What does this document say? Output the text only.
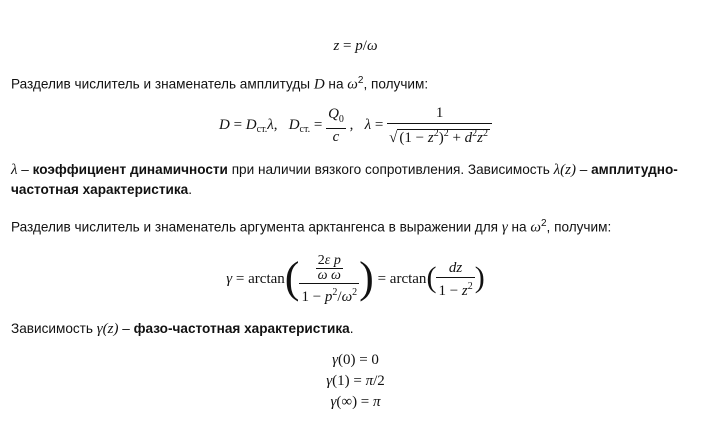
z = p/ω
Разделив числитель и знаменатель амплитуды D на $\omega^2$, получим:
$D = D_{ст.}\lambda$,   $D_{ст.} = \frac{Q_0}{c}$ ,   $\lambda = \frac{1}{√ (1 - z^2)^2 + d^2z^2}$
λ – коэффициент динамичности при наличии вязкого сопротивления. Зависимость λ(z) – амплитудно-частотная характеристика.
Разделив числитель и знаменатель аргумента арктангенса в выражении для γ на $\omega^2$, получим:
$\gamma = \arctan( \frac{\frac{\text{2ε p}}{\text{ω ω}}}{1 - p^2/\omega^2}$ ) = $\arctan( \frac{dz}{1 - z^2}$ )
Зависимость γ(z) – фазо-частотная характеристика.
γ(0) = 0
γ(1) = π/2
γ(∞) = π
